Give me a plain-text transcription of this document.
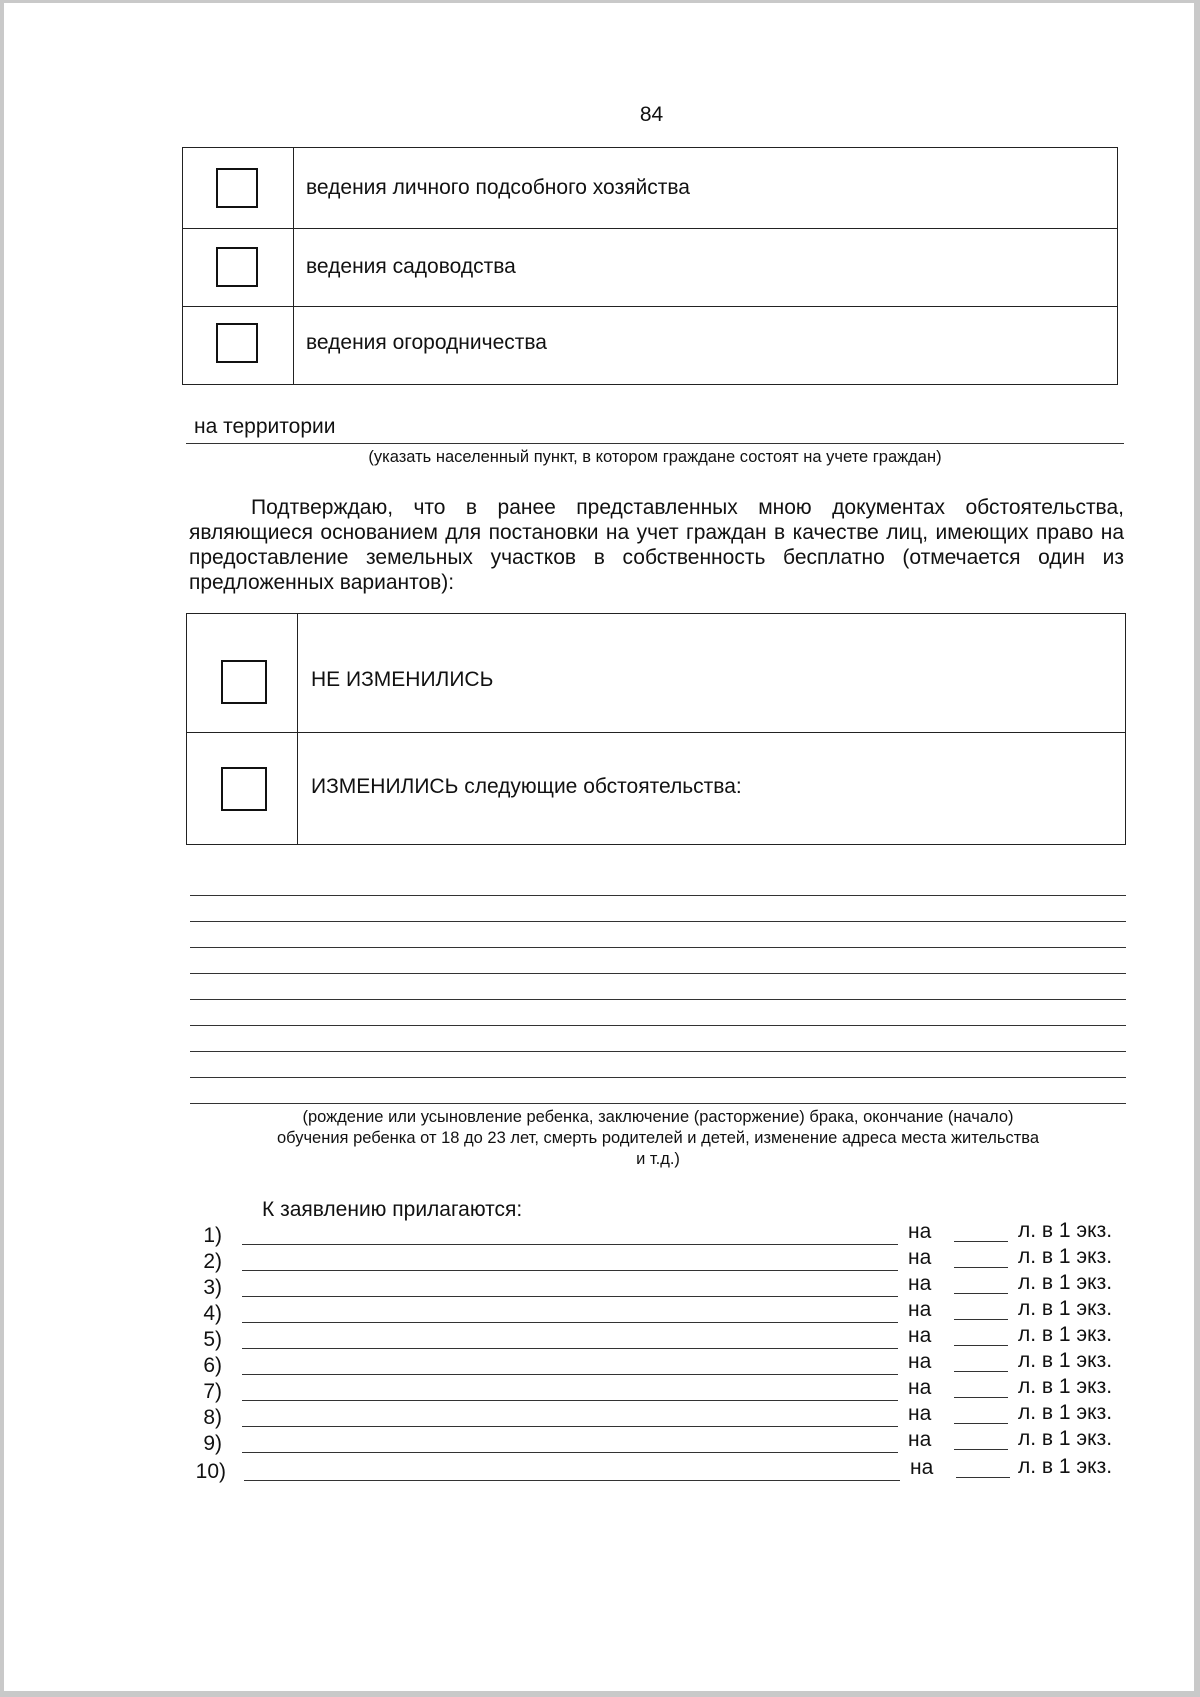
84
ведения личного подсобного хозяйства
ведения садоводства
ведения огородничества
на территории
(указать населенный пункт, в котором граждане состоят на учете граждан)
Подтверждаю, что в ранее представленных мною документах обстоятельства, являющиеся основанием для постановки на учет граждан в качестве лиц, имеющих право на предоставление земельных участков в собственность бесплатно (отмечается один из предложенных вариантов):
НЕ ИЗМЕНИЛИСЬ
ИЗМЕНИЛИСЬ следующие обстоятельства:
(рождение или усыновление ребенка, заключение (расторжение) брака, окончание (начало)
обучения ребенка от 18 до 23 лет, смерть родителей и детей, изменение адреса места жительства
и т.д.)
К заявлению прилагаются:
1)	на	л. в 1 экз.
2)	на	л. в 1 экз.
3)	на	л. в 1 экз.
4)	на	л. в 1 экз.
5)	на	л. в 1 экз.
6)	на	л. в 1 экз.
7)	на	л. в 1 экз.
8)	на	л. в 1 экз.
9)	на	л. в 1 экз.
10)	на	л. в 1 экз.
